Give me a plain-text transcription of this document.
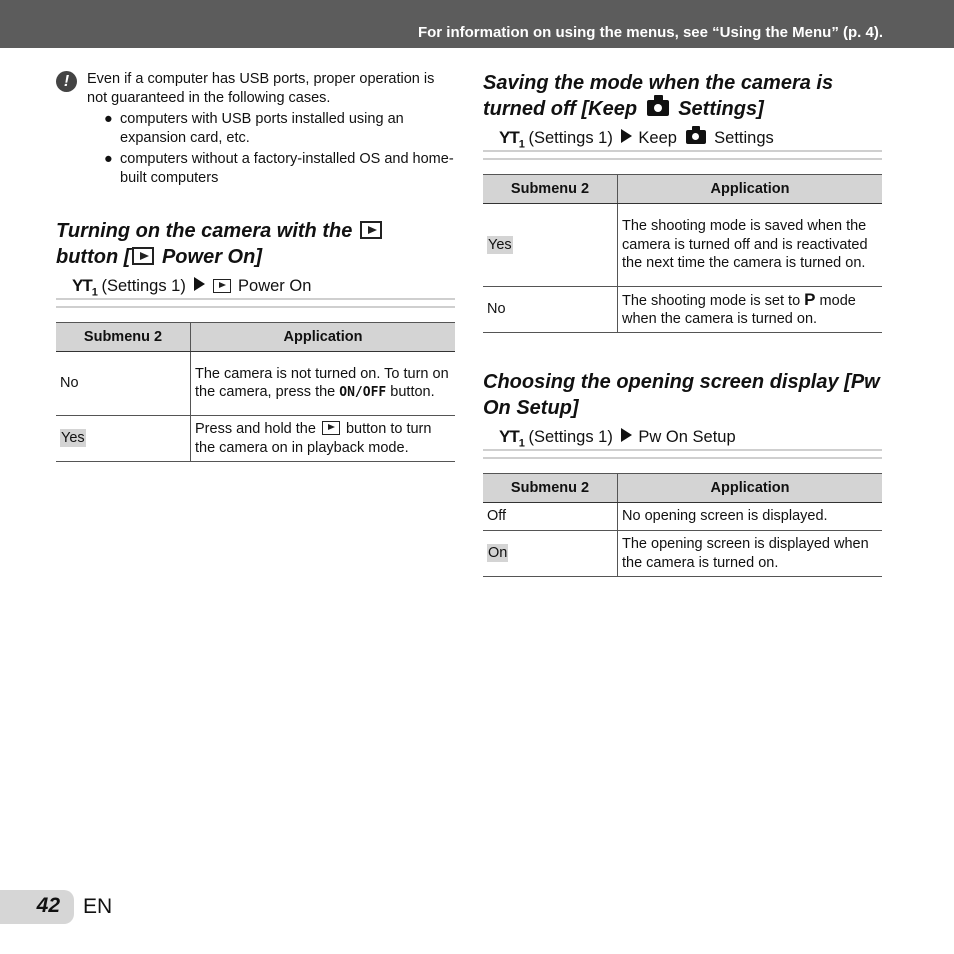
For information on using the menus, see “Using the Menu” (p. 4).
!	Even if a computer has USB ports, proper operation is not guaranteed in the following cases.
● computers with USB ports installed using an expansion card, etc.
● computers without a factory-installed OS and home-built computers
Turning on the camera with the
button [ Power On]
$YT_1$ (Settings 1)	Power On
Submenu 2	Application
No	The camera is not turned on. To turn on the camera, press the ON/OFF button.
Yes	Press and hold the button to turn the camera on in playback mode.
Saving the mode when the camera is turned off [Keep Settings]
$YT_1$ (Settings 1) Keep Settings
Submenu 2	Application
Yes	The shooting mode is saved when the camera is turned off and is reactivated the next time the camera is turned on.
No	The shooting mode is set to P mode when the camera is turned on.
Choosing the opening screen display [Pw On Setup]
$YT_1$ (Settings 1) Pw On Setup
Submenu 2	Application
Off	No opening screen is displayed.
On	The opening screen is displayed when the camera is turned on.
42 EN
